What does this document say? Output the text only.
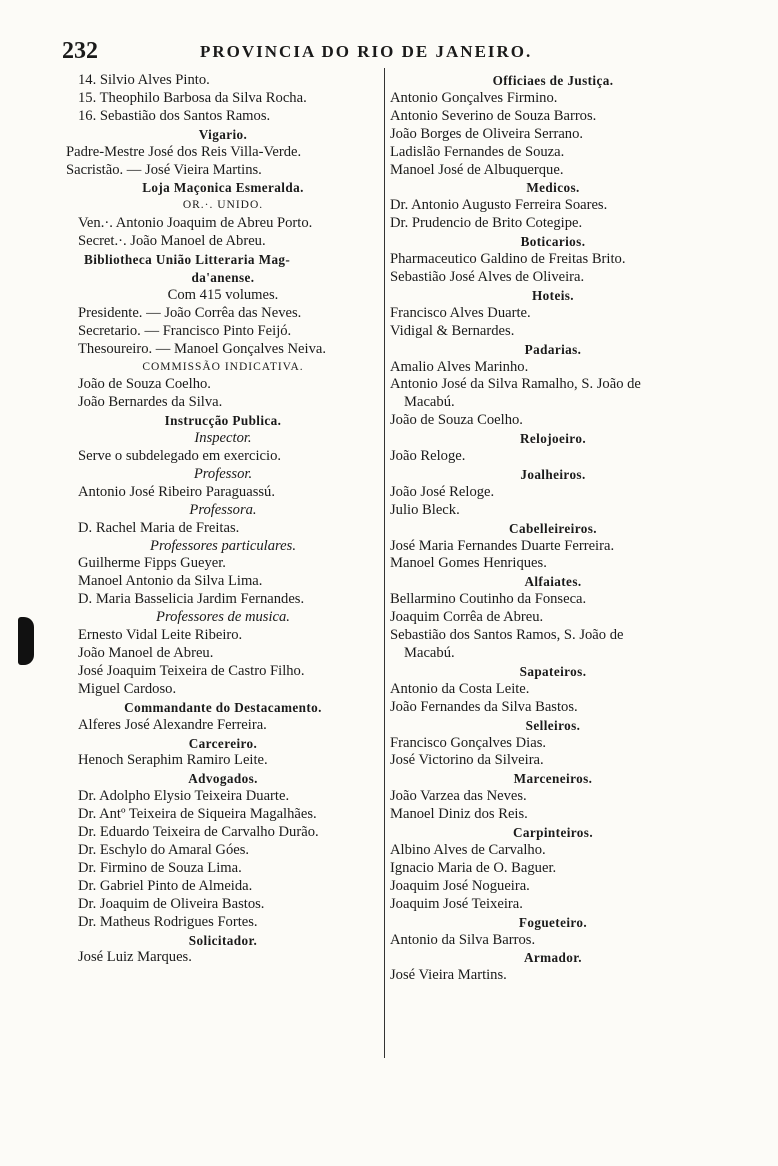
232	PROVINCIA DO RIO DE JANEIRO.
14. Silvio Alves Pinto.
15. Theophilo Barbosa da Silva Rocha.
16. Sebastião dos Santos Ramos.
Vigario.
Padre-Mestre José dos Reis Villa-Verde.
Sacristão. — José Vieira Martins.
Loja Maçonica Esmeralda.
OR.·. UNIDO.
Ven.·. Antonio Joaquim de Abreu Porto.
Secret.·. João Manoel de Abreu.
Bibliotheca União Litteraria Mag-
da'anense.
Com 415 volumes.
Presidente. — João Corrêa das Neves.
Secretario. — Francisco Pinto Feijó.
Thesoureiro. — Manoel Gonçalves Neiva.
COMMISSÃO INDICATIVA.
João de Souza Coelho.
João Bernardes da Silva.
Instrucção Publica.
Inspector.
Serve o subdelegado em exercicio.
Professor.
Antonio José Ribeiro Paraguassú.
Professora.
D. Rachel Maria de Freitas.
Professores particulares.
Guilherme Fipps Gueyer.
Manoel Antonio da Silva Lima.
D. Maria Basselicia Jardim Fernandes.
Professores de musica.
Ernesto Vidal Leite Ribeiro.
João Manoel de Abreu.
José Joaquim Teixeira de Castro Filho.
Miguel Cardoso.
Commandante do Destacamento.
Alferes José Alexandre Ferreira.
Carcereiro.
Henoch Seraphim Ramiro Leite.
Advogados.
Dr. Adolpho Elysio Teixeira Duarte.
Dr. Antº Teixeira de Siqueira Magalhães.
Dr. Eduardo Teixeira de Carvalho Durão.
Dr. Eschylo do Amaral Góes.
Dr. Firmino de Souza Lima.
Dr. Gabriel Pinto de Almeida.
Dr. Joaquim de Oliveira Bastos.
Dr. Matheus Rodrigues Fortes.
Solicitador.
José Luiz Marques.
Officiaes de Justiça.
Antonio Gonçalves Firmino.
Antonio Severino de Souza Barros.
João Borges de Oliveira Serrano.
Ladislão Fernandes de Souza.
Manoel José de Albuquerque.
Medicos.
Dr. Antonio Augusto Ferreira Soares.
Dr. Prudencio de Brito Cotegipe.
Boticarios.
Pharmaceutico Galdino de Freitas Brito.
Sebastião José Alves de Oliveira.
Hoteis.
Francisco Alves Duarte.
Vidigal & Bernardes.
Padarias.
Amalio Alves Marinho.
Antonio José da Silva Ramalho, S. João de
Macabú.
João de Souza Coelho.
Relojoeiro.
João Reloge.
Joalheiros.
João José Reloge.
Julio Bleck.
Cabelleireiros.
José Maria Fernandes Duarte Ferreira.
Manoel Gomes Henriques.
Alfaiates.
Bellarmino Coutinho da Fonseca.
Joaquim Corrêa de Abreu.
Sebastião dos Santos Ramos, S. João de
Macabú.
Sapateiros.
Antonio da Costa Leite.
João Fernandes da Silva Bastos.
Selleiros.
Francisco Gonçalves Dias.
José Victorino da Silveira.
Marceneiros.
João Varzea das Neves.
Manoel Diniz dos Reis.
Carpinteiros.
Albino Alves de Carvalho.
Ignacio Maria de O. Baguer.
Joaquim José Nogueira.
Joaquim José Teixeira.
Fogueteiro.
Antonio da Silva Barros.
Armador.
José Vieira Martins.
